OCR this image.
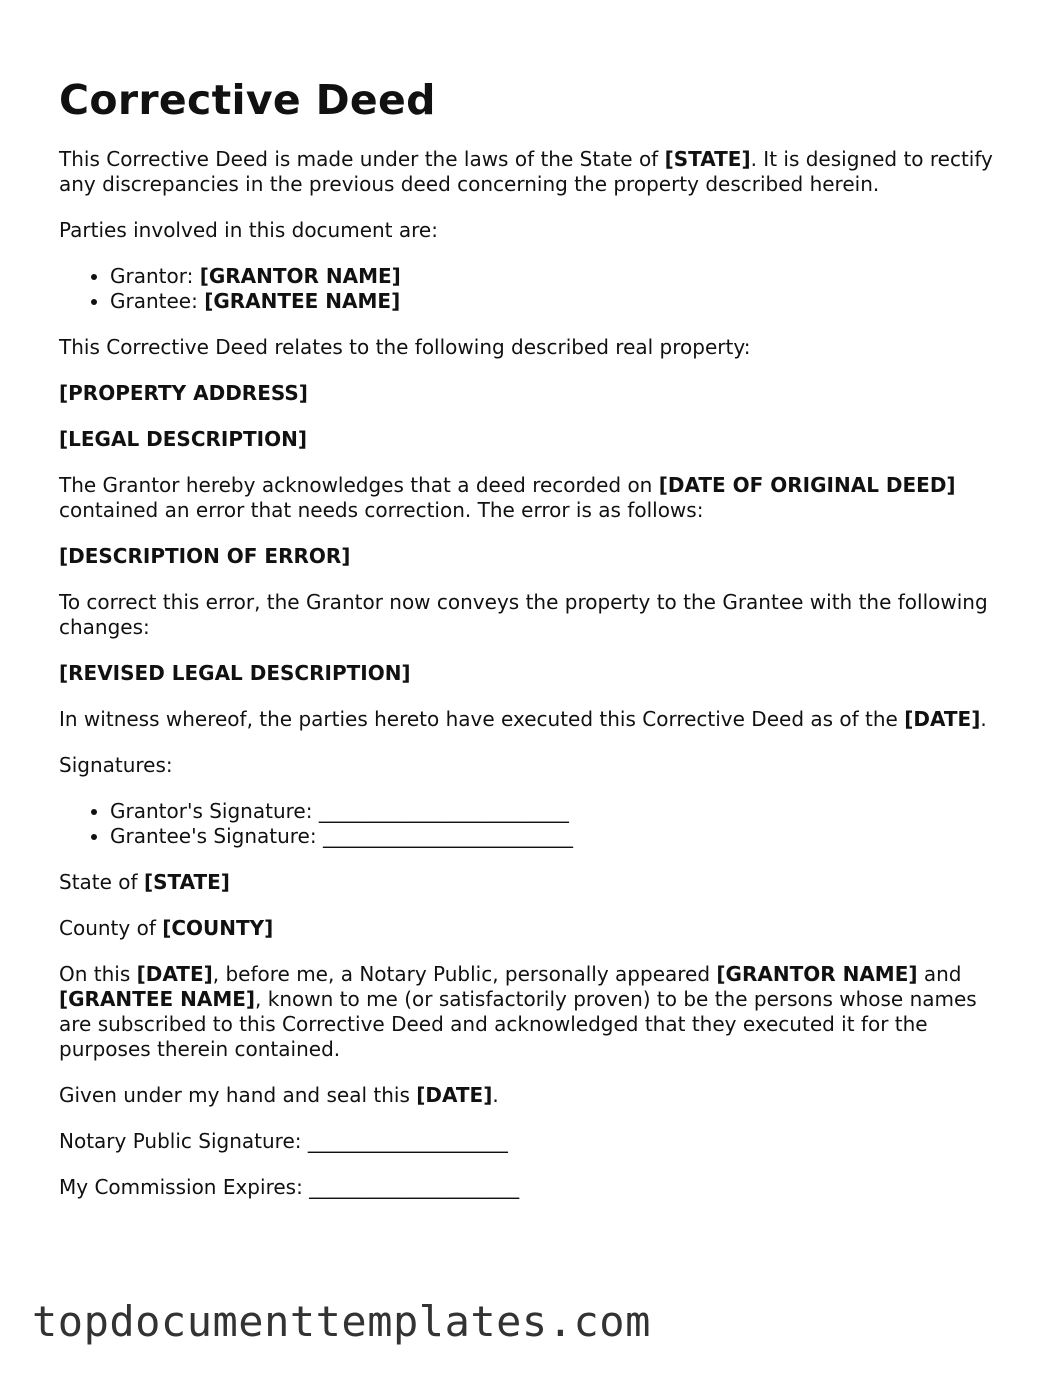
Corrective Deed

This Corrective Deed is made under the laws of the State of [STATE]. It is designed to rectify any discrepancies in the previous deed concerning the property described herein.

Parties involved in this document are:

• Grantor: [GRANTOR NAME]
• Grantee: [GRANTEE NAME]

This Corrective Deed relates to the following described real property:

[PROPERTY ADDRESS]

[LEGAL DESCRIPTION]

The Grantor hereby acknowledges that a deed recorded on [DATE OF ORIGINAL DEED] contained an error that needs correction. The error is as follows:

[DESCRIPTION OF ERROR]

To correct this error, the Grantor now conveys the property to the Grantee with the following changes:

[REVISED LEGAL DESCRIPTION]

In witness whereof, the parties hereto have executed this Corrective Deed as of the [DATE].

Signatures:

• Grantor's Signature: _________________________
• Grantee's Signature: _________________________

State of [STATE]

County of [COUNTY]

On this [DATE], before me, a Notary Public, personally appeared [GRANTOR NAME] and [GRANTEE NAME], known to me (or satisfactorily proven) to be the persons whose names are subscribed to this Corrective Deed and acknowledged that they executed it for the purposes therein contained.

Given under my hand and seal this [DATE].

Notary Public Signature: ____________________

My Commission Expires: _____________________

topdocumenttemplates.com
